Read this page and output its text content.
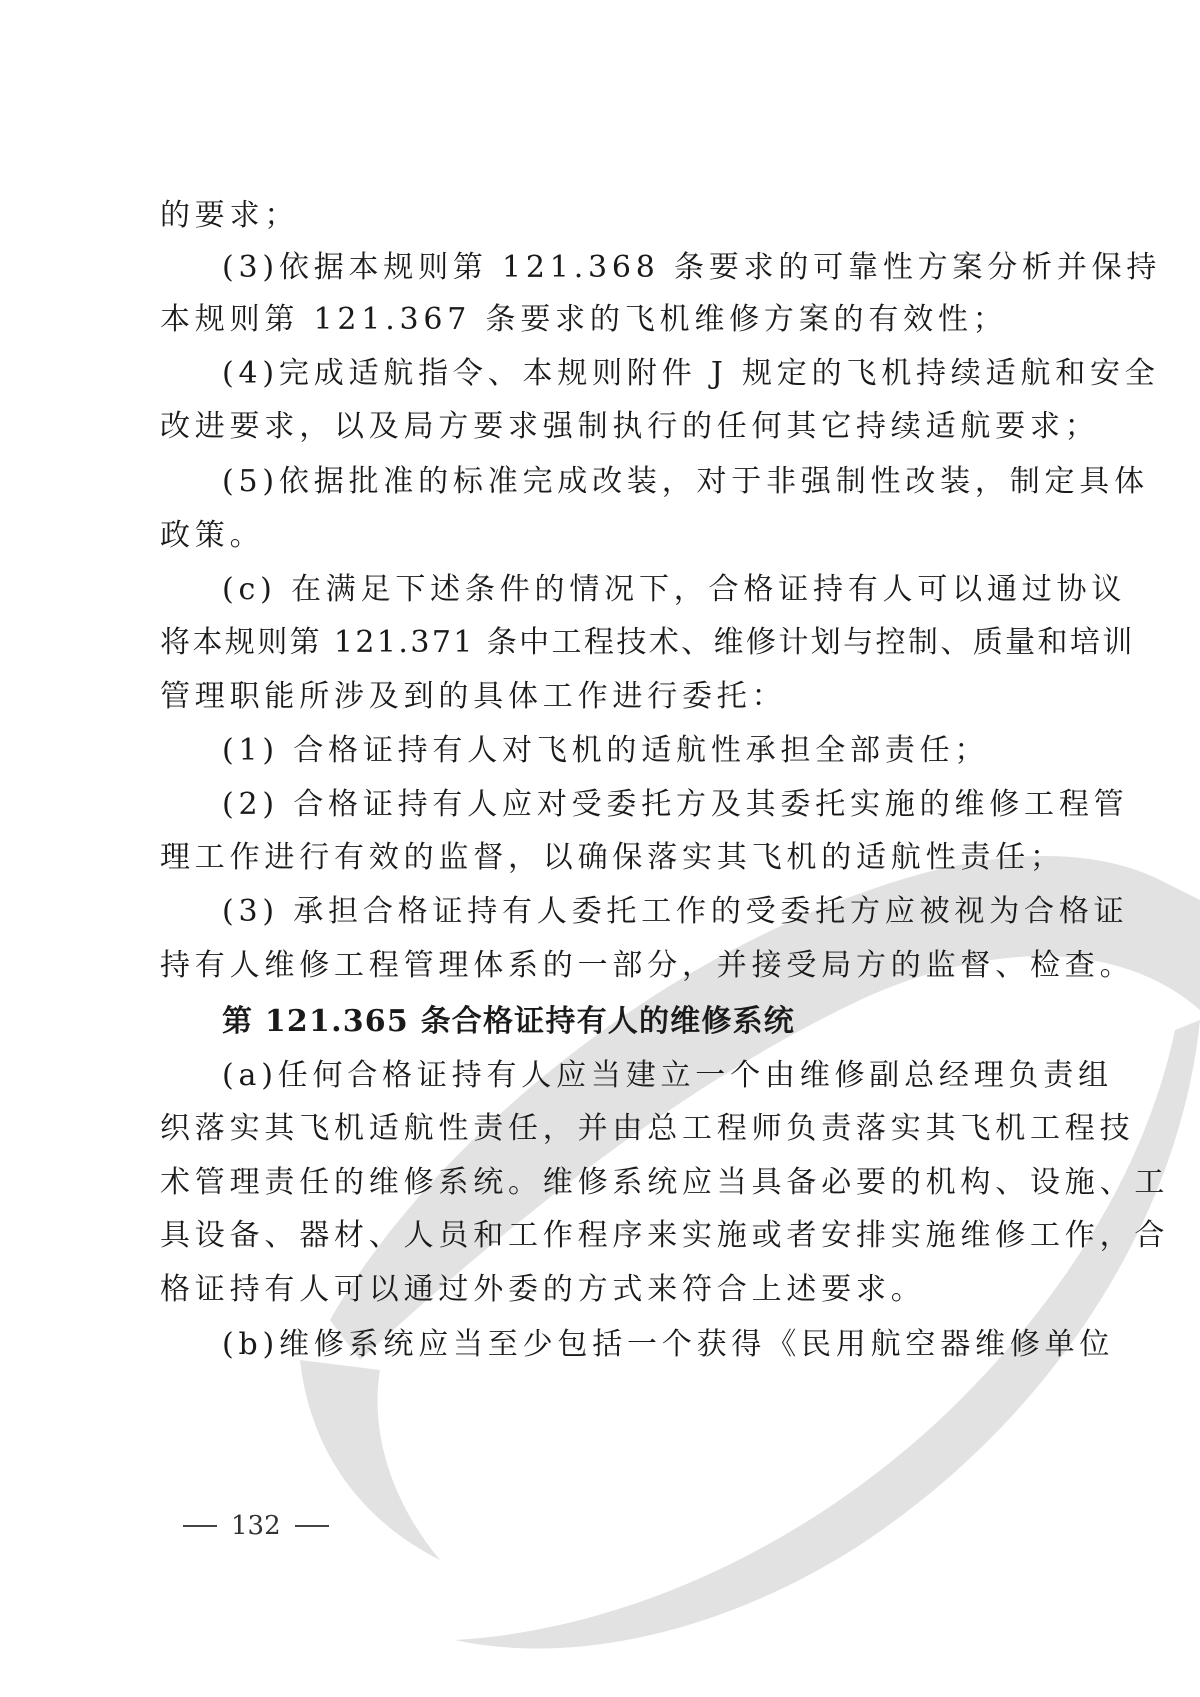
的要求；
(3)依据本规则第 121.368 条要求的可靠性方案分析并保持
本规则第 121.367 条要求的飞机维修方案的有效性；
(4)完成适航指令、本规则附件 J 规定的飞机持续适航和安全
改进要求，以及局方要求强制执行的任何其它持续适航要求；
(5)依据批准的标准完成改装，对于非强制性改装，制定具体
政策。
(c) 在满足下述条件的情况下，合格证持有人可以通过协议
将本规则第 121.371 条中工程技术、维修计划与控制、质量和培训
管理职能所涉及到的具体工作进行委托：
(1) 合格证持有人对飞机的适航性承担全部责任；
(2) 合格证持有人应对受委托方及其委托实施的维修工程管
理工作进行有效的监督，以确保落实其飞机的适航性责任；
(3) 承担合格证持有人委托工作的受委托方应被视为合格证
持有人维修工程管理体系的一部分，并接受局方的监督、检查。
第 121.365 条合格证持有人的维修系统
(a)任何合格证持有人应当建立一个由维修副总经理负责组
织落实其飞机适航性责任，并由总工程师负责落实其飞机工程技
术管理责任的维修系统。维修系统应当具备必要的机构、设施、工
具设备、器材、人员和工作程序来实施或者安排实施维修工作，合
格证持有人可以通过外委的方式来符合上述要求。
(b)维修系统应当至少包括一个获得《民用航空器维修单位
132
